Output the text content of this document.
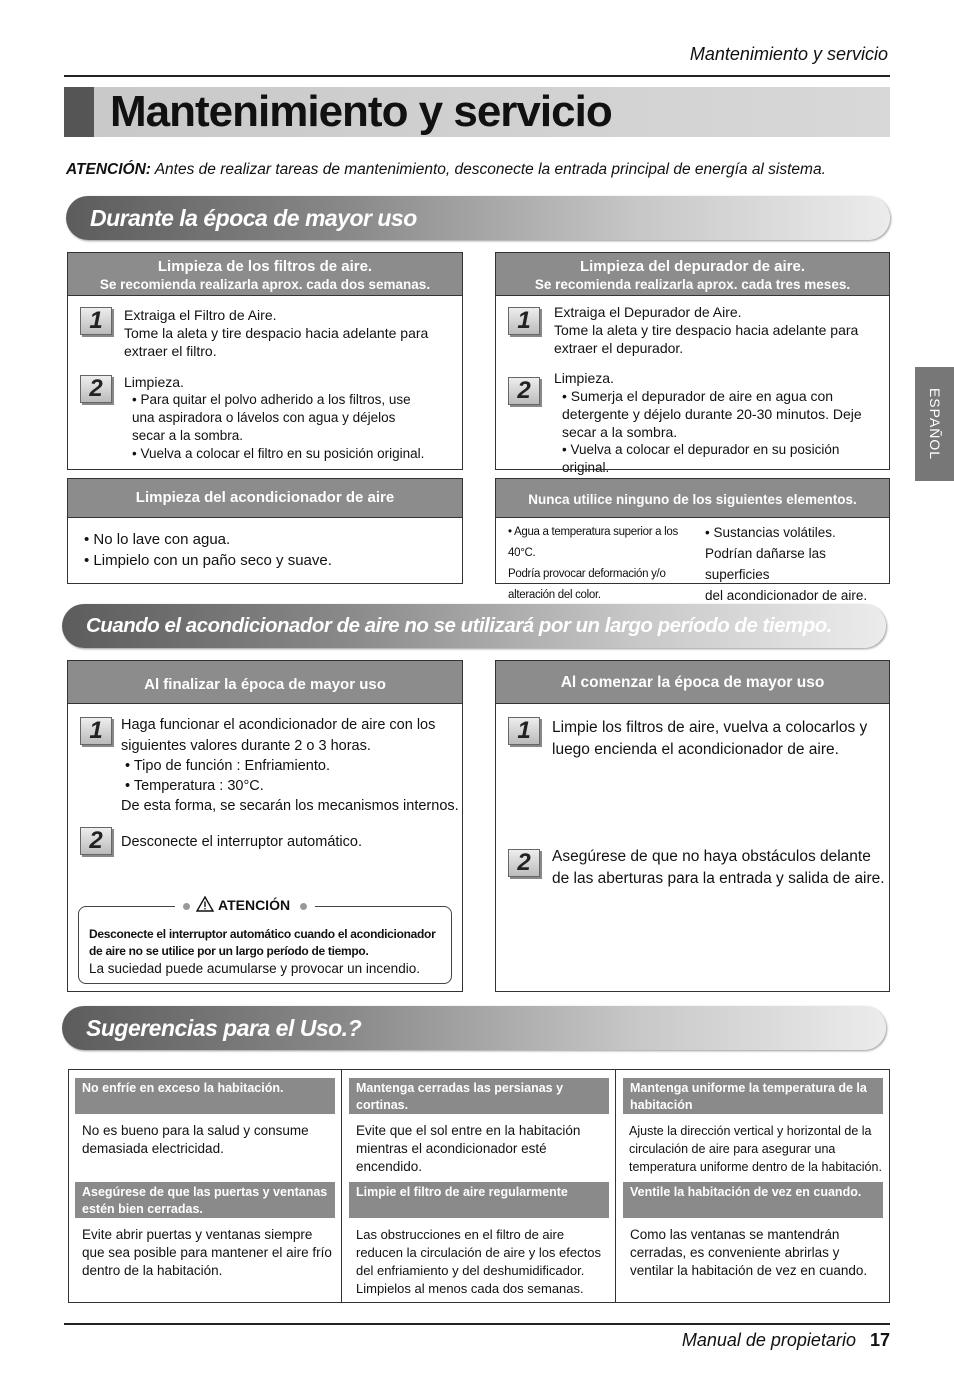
Mantenimiento y servicio
Mantenimiento y servicio
ATENCIÓN: Antes de realizar tareas de mantenimiento, desconecte la entrada principal de energía al sistema.
ESPAÑOL
Durante la época de mayor uso
Limpieza de los filtros de aire.
Se recomienda realizarla aprox. cada dos semanas.
1	Extraiga el Filtro de Aire.
Tome la aleta y tire despacio hacia adelante para extraer el filtro.
2	Limpieza.
• Para quitar el polvo adherido a los filtros, use una aspiradora o lávelos con agua y déjelos secar a la sombra.
• Vuelva a colocar el filtro en su posición original.
Limpieza del depurador de aire.
Se recomienda realizarla aprox. cada tres meses.
1	Extraiga el Depurador de Aire.
Tome la aleta y tire despacio hacia adelante para extraer el depurador.
2	Limpieza.
• Sumerja el depurador de aire en agua con detergente y déjelo durante 20-30 minutos. Deje secar a la sombra.
• Vuelva a colocar el depurador en su posición original.
Limpieza del acondicionador de aire
• No lo lave con agua.
• Limpielo con un paño seco y suave.
Nunca utilice ninguno de los siguientes elementos.
• Agua a temperatura superior a los 40°C.
Podría provocar deformación y/o
alteración del color.
• Sustancias volátiles.
Podrían dañarse las superficies
del acondicionador de aire.
Cuando el acondicionador de aire no se utilizará por un largo período de tiempo.
Al finalizar la época de mayor uso
1	Haga funcionar el acondicionador de aire con los siguientes valores durante 2 o 3 horas.
• Tipo de función : Enfriamiento.
• Temperatura : 30°C.
De esta forma, se secarán los mecanismos internos.
2	Desconecte el interruptor automático.
ATENCIÓN
Desconecte el interruptor automático cuando el acondicionador de aire no se utilice por un largo período de tiempo.
La suciedad puede acumularse y provocar un incendio.
Al comenzar la época de mayor uso
1	Limpie los filtros de aire, vuelva a colocarlos y luego encienda el acondicionador de aire.
2	Asegúrese de que no haya obstáculos delante de las aberturas para la entrada y salida de aire.
Sugerencias para el Uso.?
No enfríe en exceso la habitación.
No es bueno para la salud y consume demasiada electricidad.
Mantenga cerradas las persianas y cortinas.
Evite que el sol entre en la habitación mientras el acondicionador esté encendido.
Mantenga uniforme la temperatura de la habitación
Ajuste la dirección vertical y horizontal de la circulación de aire para asegurar una temperatura uniforme dentro de la habitación.
Asegúrese de que las puertas y ventanas estén bien cerradas.
Evite abrir puertas y ventanas siempre que sea posible para mantener el aire frío dentro de la habitación.
Limpie el filtro de aire regularmente
Las obstrucciones en el filtro de aire reducen la circulación de aire y los efectos del enfriamiento y del deshumidificador. Limpielos al menos cada dos semanas.
Ventile la habitación de vez en cuando.
Como las ventanas se mantendrán cerradas, es conveniente abrirlas y ventilar la habitación de vez en cuando.
Manual de propietario 17
